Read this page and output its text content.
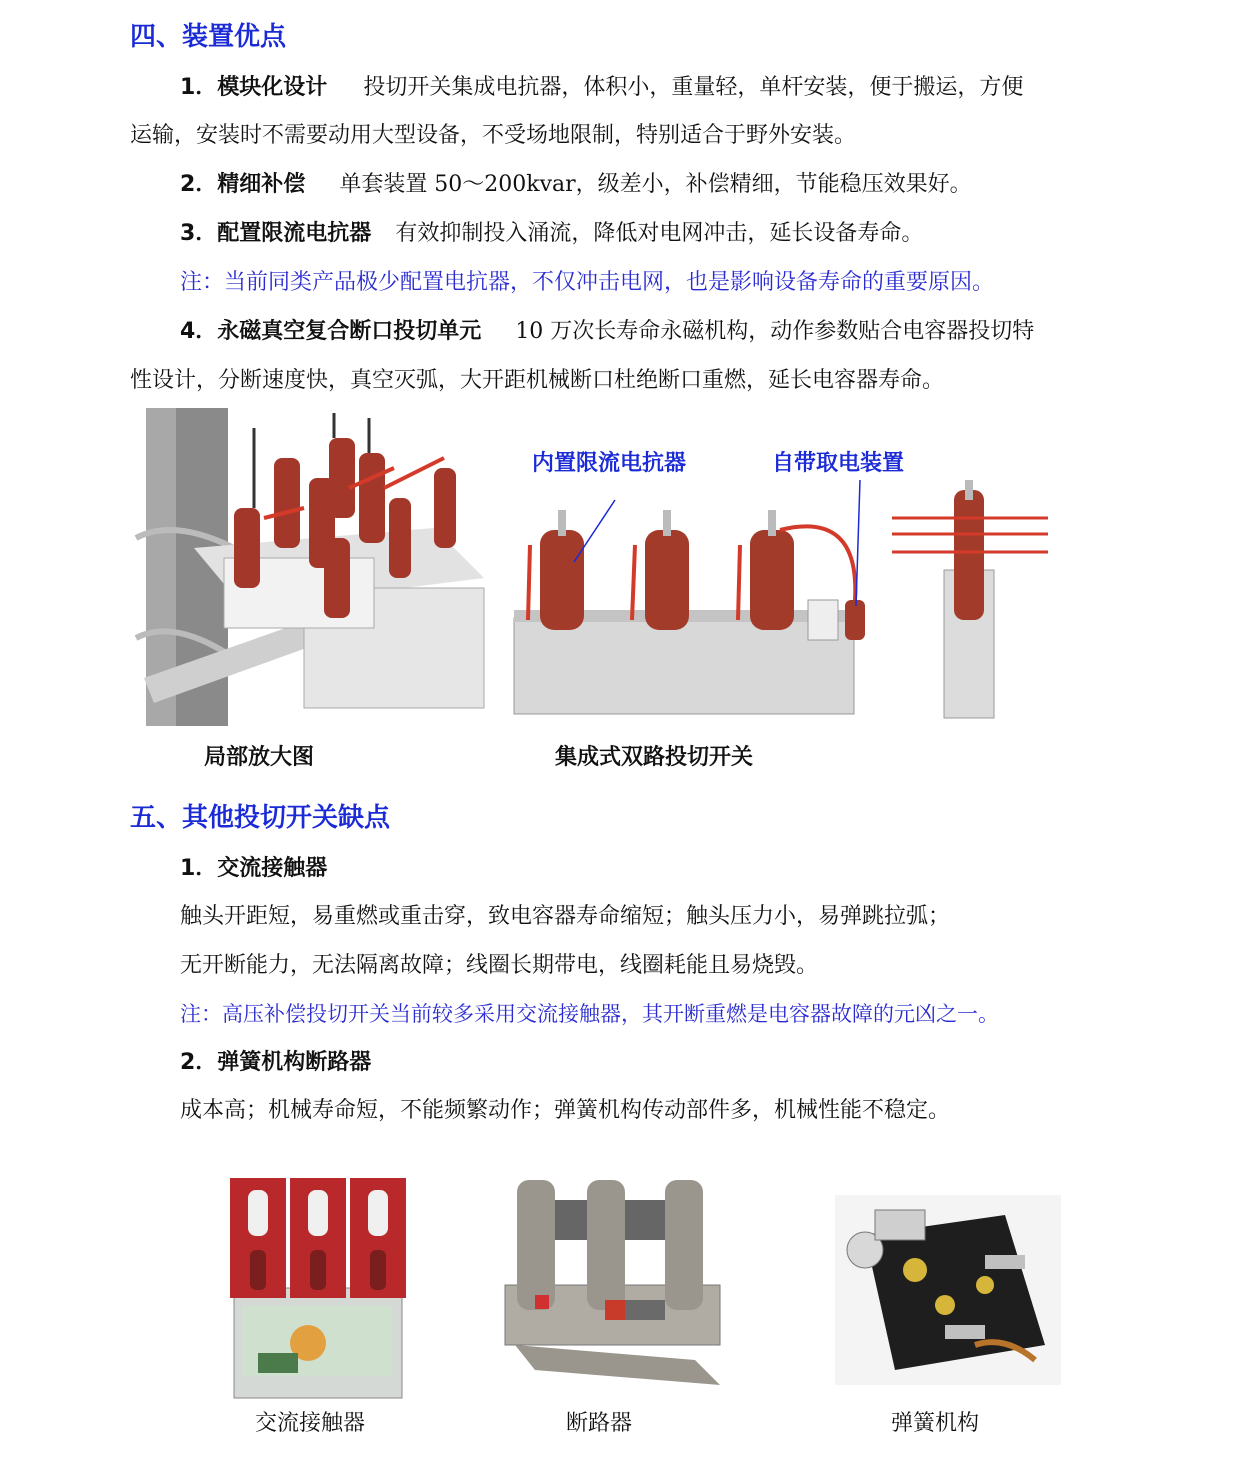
四、装置优点
1．模块化设计 投切开关集成电抗器，体积小，重量轻，单杆安装，便于搬运，方便
运输，安装时不需要动用大型设备，不受场地限制，特别适合于野外安装。
2．精细补偿 单套装置 50～200kvar，级差小，补偿精细，节能稳压效果好。
3．配置限流电抗器 有效抑制投入涌流，降低对电网冲击，延长设备寿命。
注：当前同类产品极少配置电抗器，不仅冲击电网，也是影响设备寿命的重要原因。
4．永磁真空复合断口投切单元 10 万次长寿命永磁机构，动作参数贴合电容器投切特
性设计，分断速度快，真空灭弧，大开距机械断口杜绝断口重燃，延长电容器寿命。
内置限流电抗器	自带取电装置
局部放大图	集成式双路投切开关
五、其他投切开关缺点
1．交流接触器
触头开距短，易重燃或重击穿，致电容器寿命缩短；触头压力小，易弹跳拉弧；
无开断能力，无法隔离故障；线圈长期带电，线圈耗能且易烧毁。
注：高压补偿投切开关当前较多采用交流接触器，其开断重燃是电容器故障的元凶之一。
2．弹簧机构断路器
成本高；机械寿命短，不能频繁动作；弹簧机构传动部件多，机械性能不稳定。
交流接触器	断路器	弹簧机构
